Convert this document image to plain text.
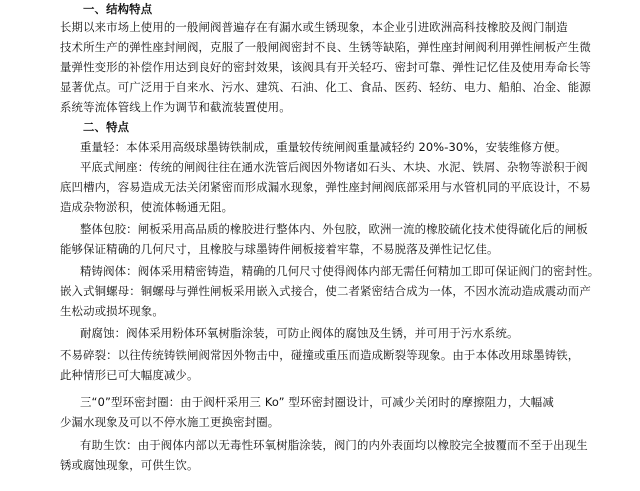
一、结构特点
长期以来市场上使用的一般闸阀普遍存在有漏水或生锈现象，本企业引进欧洲高科技橡胶及阀门制造
技术所生产的弹性座封闸阀，克服了一般闸阀密封不良、生锈等缺陷，弹性座封闸阀利用弹性闸板产生微
量弹性变形的补偿作用达到良好的密封效果，该阀具有开关轻巧、密封可靠、弹性记忆佳及使用寿命长等
显著优点。可广泛用于自来水、污水、建筑、石油、化工、食品、医药、轻纺、电力、船舶、冶金、能源
系统等流体管线上作为调节和截流装置使用。
二、特点
重量轻：本体采用高级球墨铸铁制成，重量较传统闸阀重量减轻约 20%-30%，安装维修方便。
平底式闸座：传统的闸阀往往在通水洗管后阀因外物诸如石头、木块、水泥、铁屑、杂物等淤积于阀
底凹槽内，容易造成无法关闭紧密而形成漏水现象，弹性座封闸阀底部采用与水管机同的平底设计，不易
造成杂物淤积，使流体畅通无阻。
整体包胶：闸板采用高品质的橡胶进行整体内、外包胶，欧洲一流的橡胶硫化技术使得硫化后的闸板
能够保证精确的几何尺寸，且橡胶与球墨铸件闸板接着牢靠，不易脱落及弹性记忆佳。
精铸阀体：阀体采用精密铸造，精确的几何尺寸使得阀体内部无需任何精加工即可保证阀门的密封性。
嵌入式铜螺母：铜螺母与弹性闸板采用嵌入式接合，使二者紧密结合成为一体，不因水流动造成震动而产
生松动或损坏现象。
耐腐蚀：阀体采用粉体环氧树脂涂装，可防止阀体的腐蚀及生锈，并可用于污水系统。
不易碎裂：以往传统铸铁闸阀常因外物击中，碰撞或重压而造成断裂等现象。由于本体改用球墨铸铁，
此种情形已可大幅度减少。
三“0”型环密封圈：由于阀杆采用三 Ko” 型环密封圈设计，可减少关闭时的摩擦阻力，大幅减
少漏水现象及可以不停水施工更换密封圈。
有助生饮：由于阀体内部以无毒性环氧树脂涂装，阀门的内外表面均以橡胶完全披覆而不至于出现生
锈或腐蚀现象，可供生饮。
